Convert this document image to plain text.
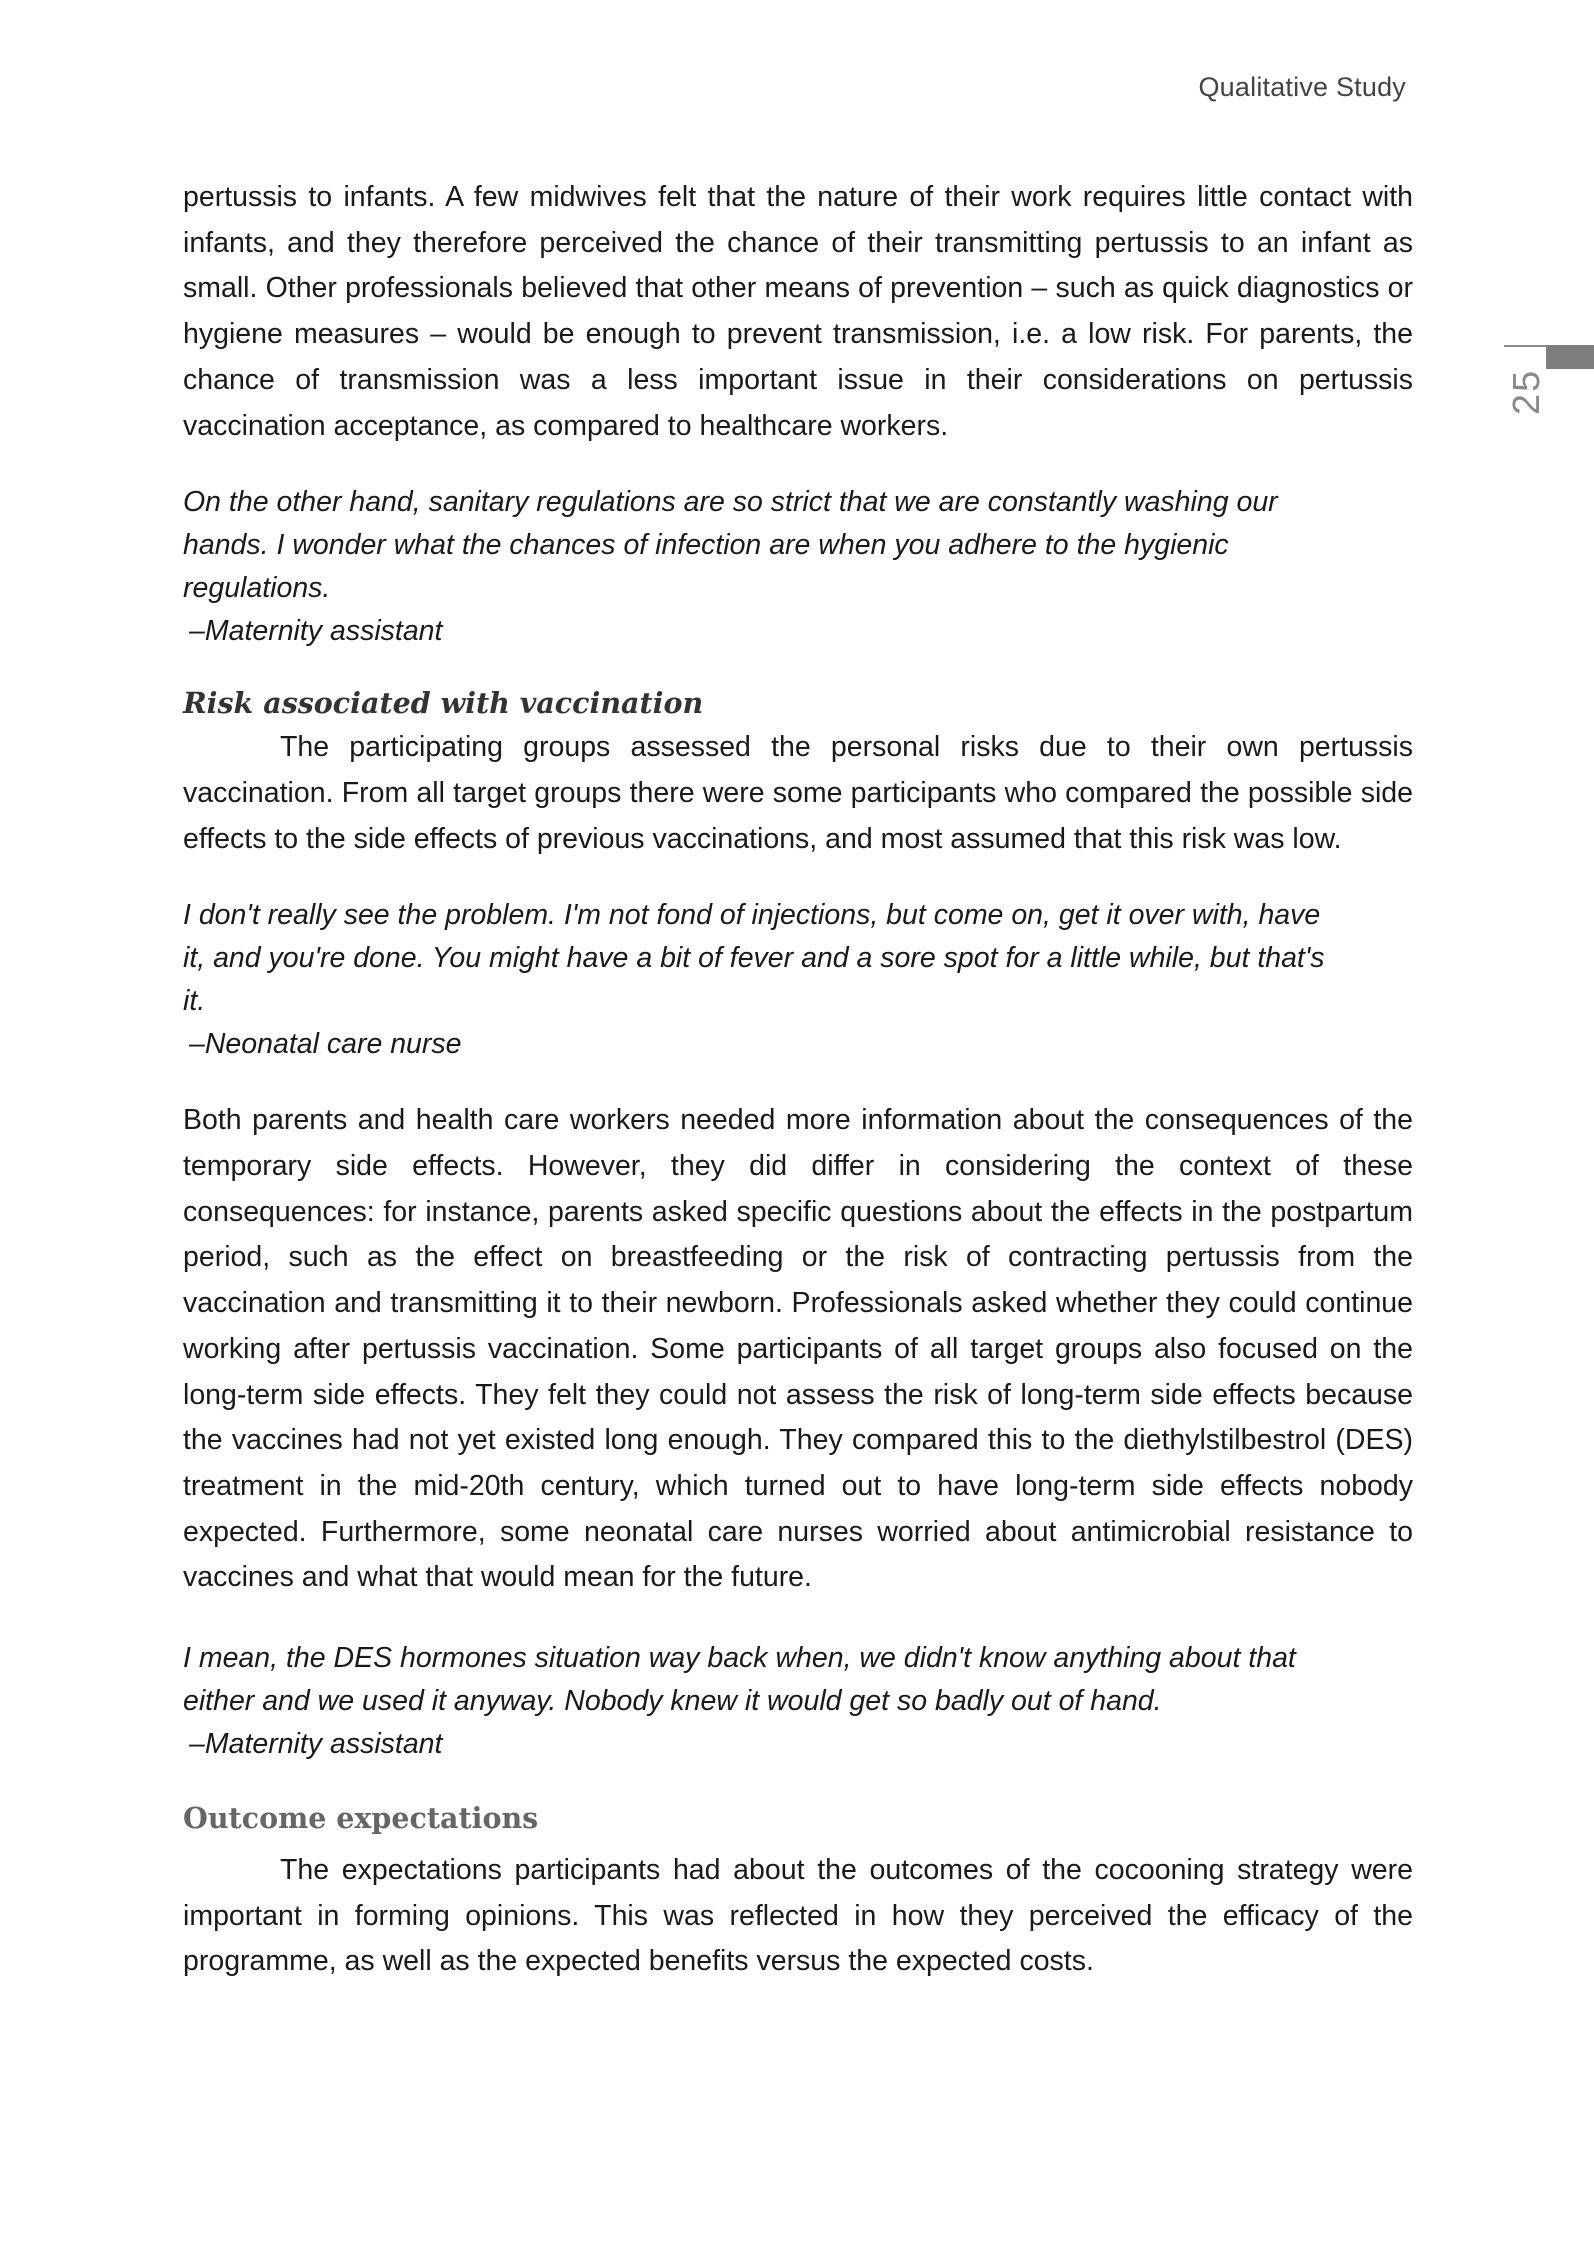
Qualitative Study
25

pertussis to infants. A few midwives felt that the nature of their work requires little contact with infants, and they therefore perceived the chance of their transmitting pertussis to an infant as small. Other professionals believed that other means of prevention – such as quick diagnostics or hygiene measures – would be enough to prevent transmission, i.e. a low risk. For parents, the chance of transmission was a less important issue in their considerations on pertussis vaccination acceptance, as compared to healthcare workers.

On the other hand, sanitary regulations are so strict that we are constantly washing our hands. I wonder what the chances of infection are when you adhere to the hygienic regulations.

–Maternity assistant

Risk associated with vaccination

The participating groups assessed the personal risks due to their own pertussis vaccination. From all target groups there were some participants who compared the possible side effects to the side effects of previous vaccinations, and most assumed that this risk was low.

I don't really see the problem. I'm not fond of injections, but come on, get it over with, have it, and you're done. You might have a bit of fever and a sore spot for a little while, but that's it.

–Neonatal care nurse

Both parents and health care workers needed more information about the consequences of the temporary side effects. However, they did differ in considering the context of these consequences: for instance, parents asked specific questions about the effects in the postpartum period, such as the effect on breastfeeding or the risk of contracting pertussis from the vaccination and transmitting it to their newborn. Professionals asked whether they could continue working after pertussis vaccination. Some participants of all target groups also focused on the long-term side effects. They felt they could not assess the risk of long-term side effects because the vaccines had not yet existed long enough. They compared this to the diethylstilbestrol (DES) treatment in the mid-20th century, which turned out to have long-term side effects nobody expected. Furthermore, some neonatal care nurses worried about antimicrobial resistance to vaccines and what that would mean for the future.

I mean, the DES hormones situation way back when, we didn't know anything about that either and we used it anyway. Nobody knew it would get so badly out of hand.

–Maternity assistant

Outcome expectations

The expectations participants had about the outcomes of the cocooning strategy were important in forming opinions. This was reflected in how they perceived the efficacy of the programme, as well as the expected benefits versus the expected costs.
